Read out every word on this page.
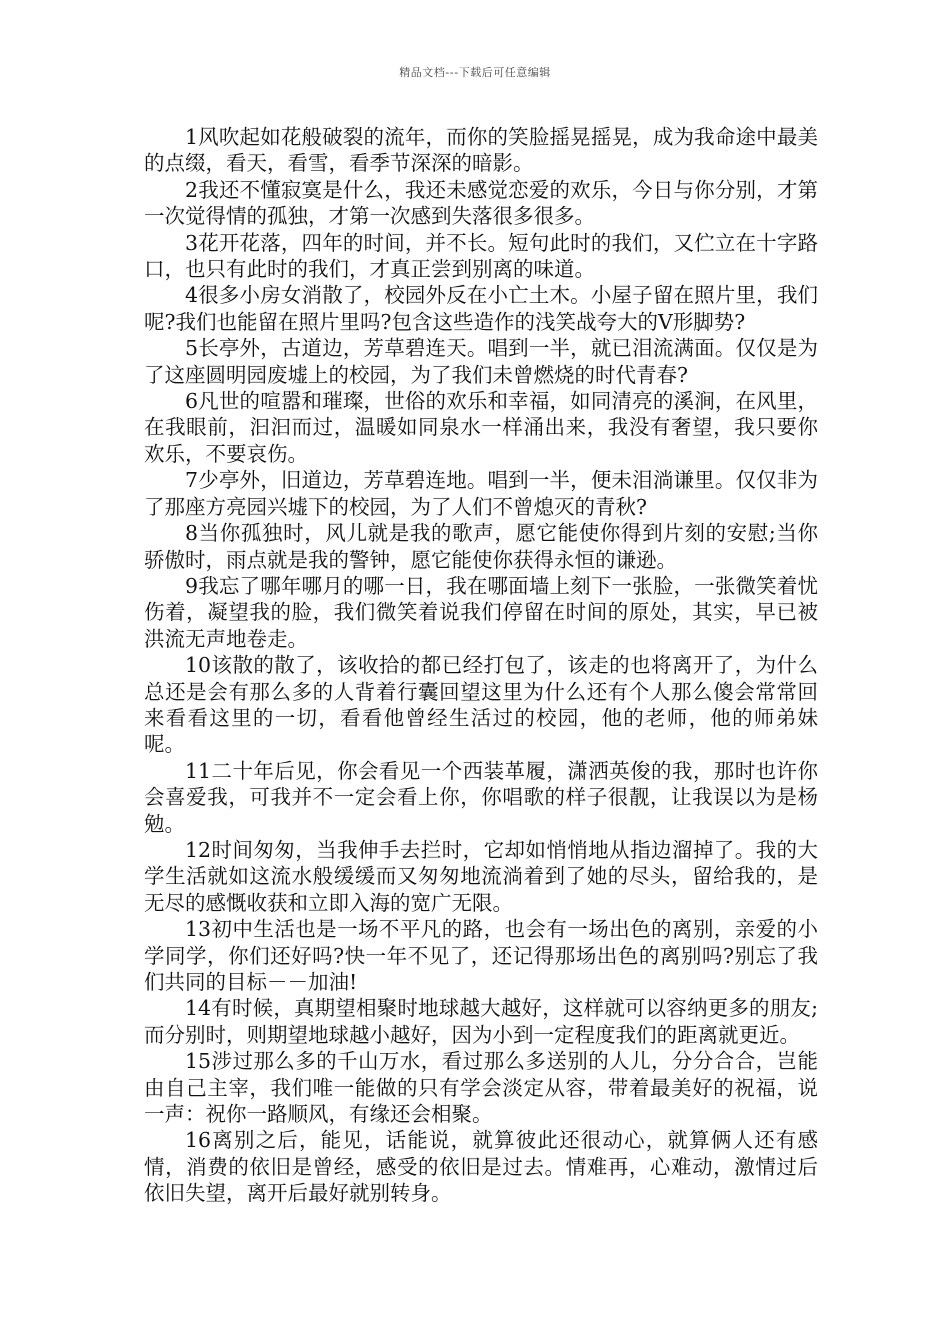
精品文档---下载后可任意编辑

1风吹起如花般破裂的流年，而你的笑脸摇晃摇晃，成为我命途中最美的点缀，看天，看雪，看季节深深的暗影。

2我还不懂寂寞是什么，我还未感觉恋爱的欢乐，今日与你分别，才第一次觉得情的孤独，才第一次感到失落很多很多。

3花开花落，四年的时间，并不长。短句此时的我们，又伫立在十字路口，也只有此时的我们，才真正尝到别离的味道。

4很多小房女消散了，校园外反在小亡土木。小屋子留在照片里，我们呢?我们也能留在照片里吗?包含这些造作的浅笑战夸大的V形脚势?

5长亭外，古道边，芳草碧连天。唱到一半，就已泪流满面。仅仅是为了这座圆明园废墟上的校园，为了我们未曾燃烧的时代青春?

6凡世的喧嚣和璀璨，世俗的欢乐和幸福，如同清亮的溪涧，在风里，在我眼前，汩汩而过，温暖如同泉水一样涌出来，我没有奢望，我只要你欢乐，不要哀伤。

7少亭外，旧道边，芳草碧连地。唱到一半，便未泪淌谦里。仅仅非为了那座方亮园兴墟下的校园，为了人们不曾熄灭的青秋?

8当你孤独时，风儿就是我的歌声，愿它能使你得到片刻的安慰;当你骄傲时，雨点就是我的警钟，愿它能使你获得永恒的谦逊。

9我忘了哪年哪月的哪一日，我在哪面墙上刻下一张脸，一张微笑着忧伤着，凝望我的脸，我们微笑着说我们停留在时间的原处，其实，早已被洪流无声地卷走。

10该散的散了，该收拾的都已经打包了，该走的也将离开了，为什么总还是会有那么多的人背着行囊回望这里为什么还有个人那么傻会常常回来看看这里的一切，看看他曾经生活过的校园，他的老师，他的师弟妹呢。

11二十年后见，你会看见一个西装革履，潇洒英俊的我，那时也许你会喜爱我，可我并不一定会看上你，你唱歌的样子很靓，让我误以为是杨勉。

12时间匆匆，当我伸手去拦时，它却如悄悄地从指边溜掉了。我的大学生活就如这流水般缓缓而又匆匆地流淌着到了她的尽头，留给我的，是无尽的感慨收获和立即入海的宽广无限。

13初中生活也是一场不平凡的路，也会有一场出色的离别，亲爱的小学同学，你们还好吗?快一年不见了，还记得那场出色的离别吗?别忘了我们共同的目标－－加油!

14有时候，真期望相聚时地球越大越好，这样就可以容纳更多的朋友;而分别时，则期望地球越小越好，因为小到一定程度我们的距离就更近。

15涉过那么多的千山万水，看过那么多送别的人儿，分分合合，岂能由自己主宰，我们唯一能做的只有学会淡定从容，带着最美好的祝福，说一声：祝你一路顺风，有缘还会相聚。

16离别之后，能见，话能说，就算彼此还很动心，就算俩人还有感情，消费的依旧是曾经，感受的依旧是过去。情难再，心难动，激情过后依旧失望，离开后最好就别转身。
